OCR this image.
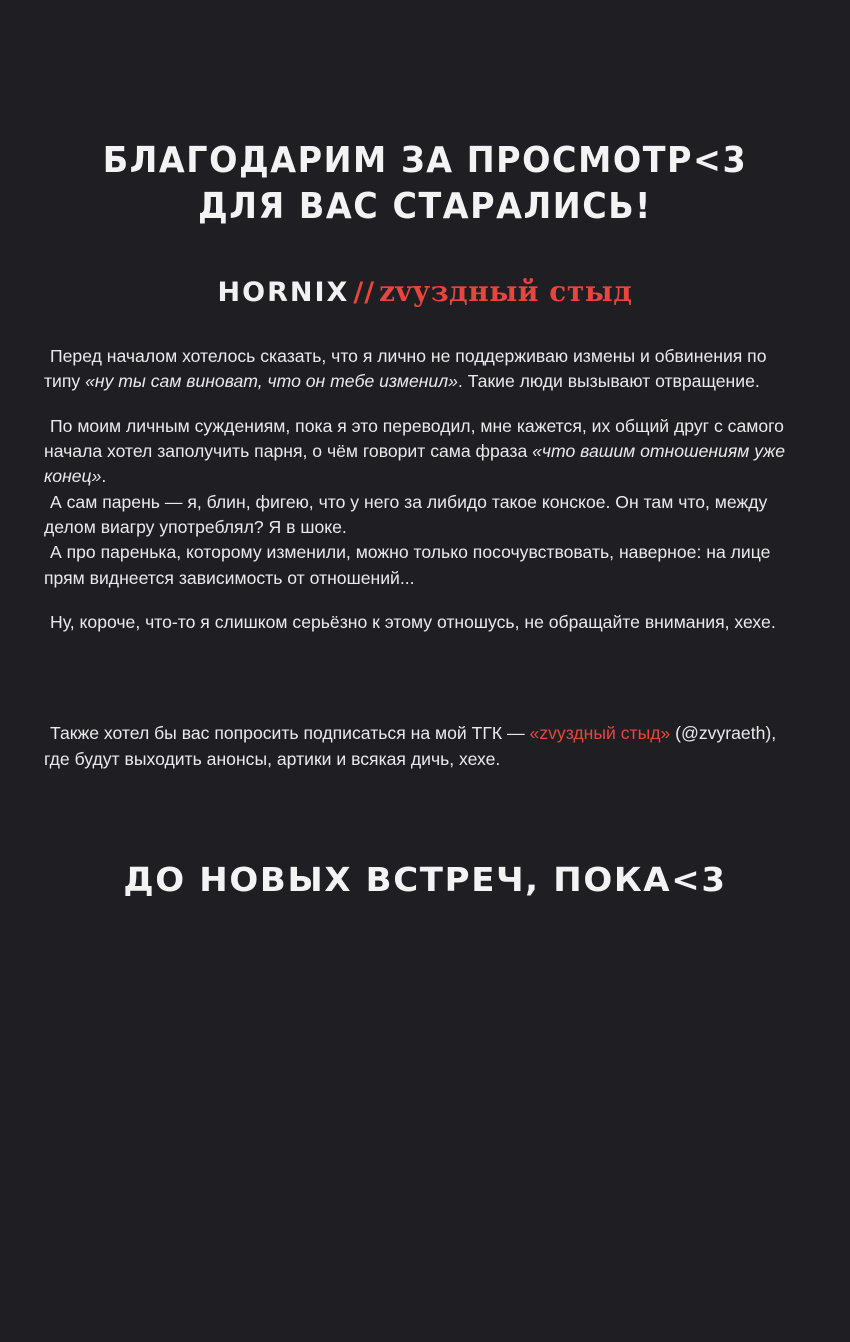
БЛАГОДАРИМ ЗА ПРОСМОТР<3
ДЛЯ ВАС СТАРАЛИСЬ!
HORNIX // zvуздный стыд

Перед началом хотелось сказать, что я лично не поддерживаю измены и обвинения по типу «ну ты сам виноват, что он тебе изменил». Такие люди вызывают отвращение.

По моим личным суждениям, пока я это переводил, мне кажется, их общий друг с самого начала хотел заполучить парня, о чём говорит сама фраза «что вашим отношениям уже конец».

А сам парень — я, блин, фигею, что у него за либидо такое конское. Он там что, между делом виагру употреблял? Я в шоке.

А про паренька, которому изменили, можно только посочувствовать, наверное: на лице прям виднеется зависимость от отношений...

Ну, короче, что-то я слишком серьёзно к этому отношусь, не обращайте внимания, хехе.

Также хотел бы вас попросить подписаться на мой ТГК — «zvуздный стыд» (@zvyraeth), где будут выходить анонсы, артики и всякая дичь, хехе.

ДО НОВЫХ ВСТРЕЧ, ПОКА<3
